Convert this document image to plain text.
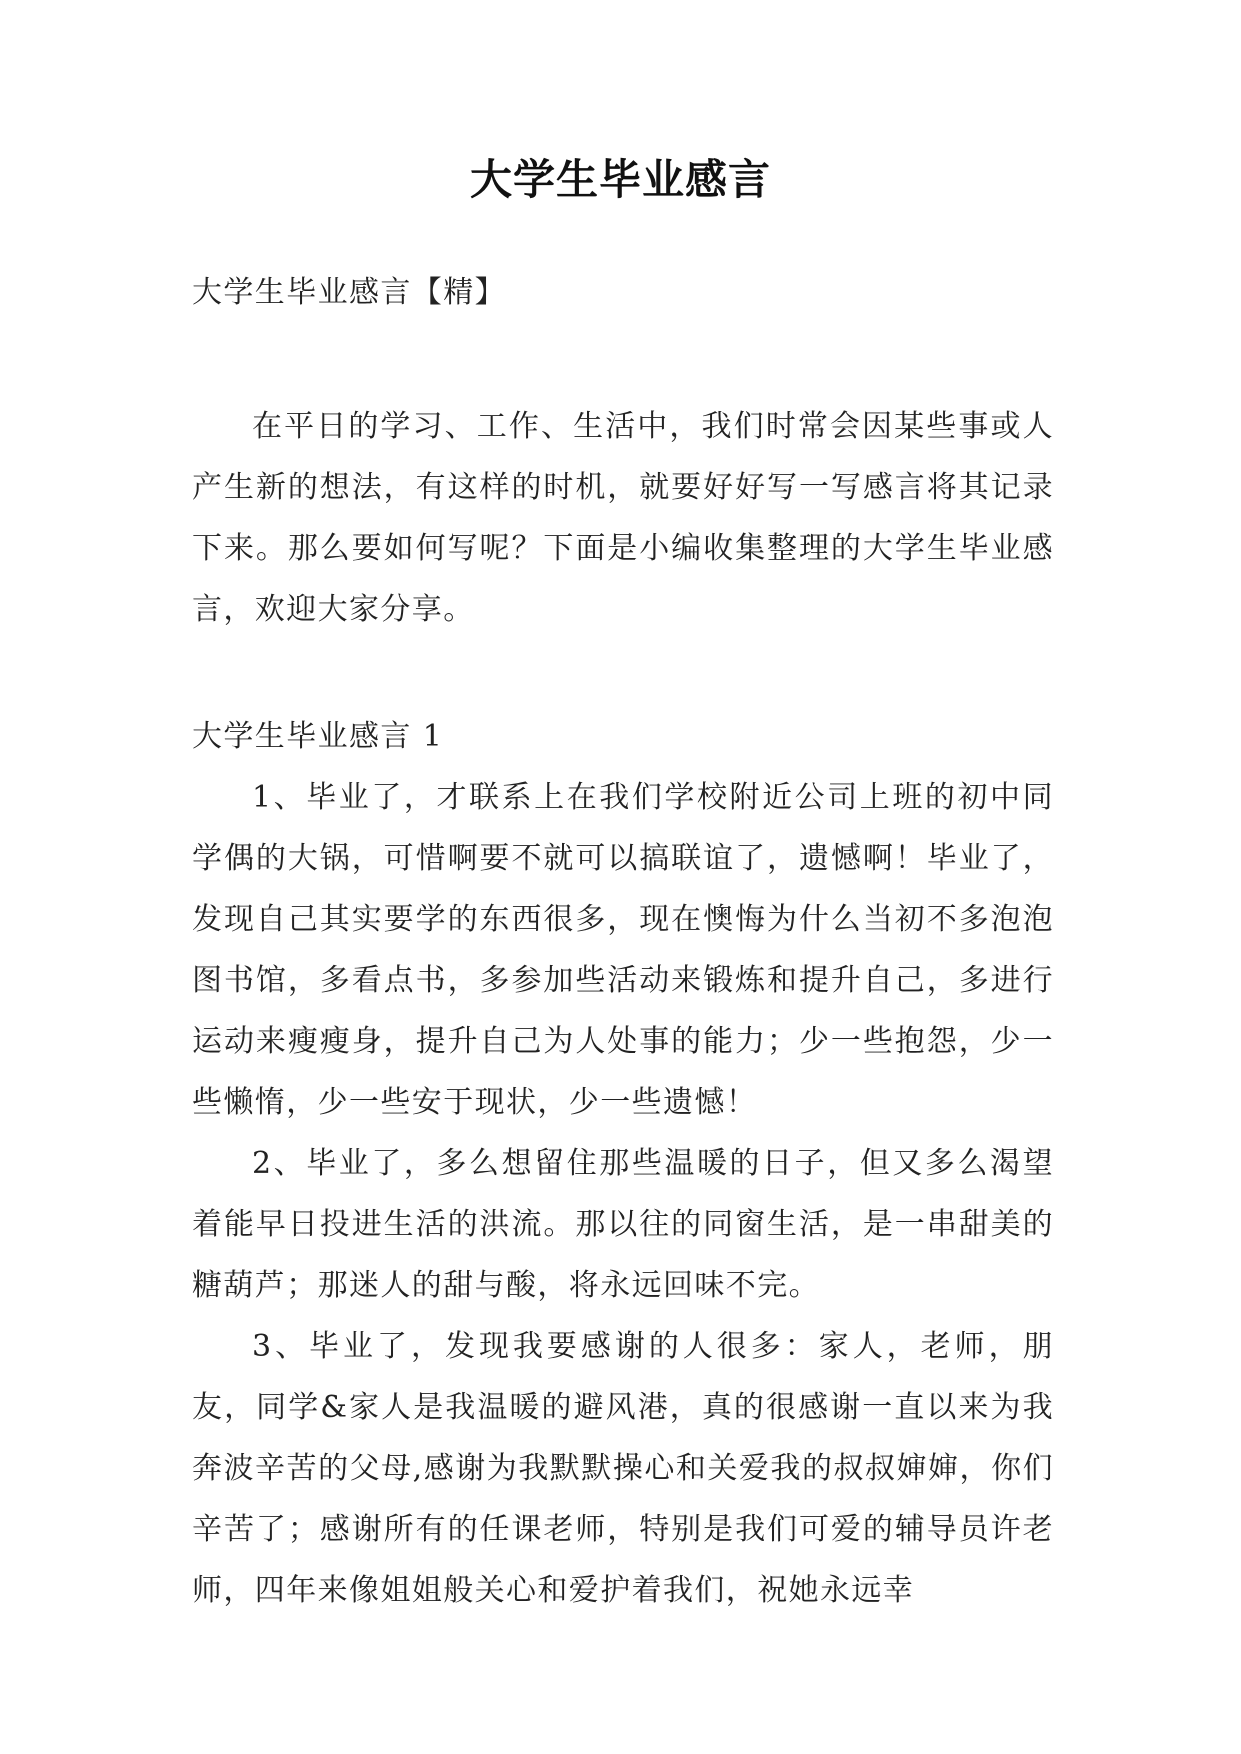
大学生毕业感言

大学生毕业感言【精】

在平日的学习、工作、生活中，我们时常会因某些事或人产生新的想法，有这样的时机，就要好好写一写感言将其记录下来。那么要如何写呢？下面是小编收集整理的大学生毕业感言，欢迎大家分享。

大学生毕业感言 1

1、毕业了，才联系上在我们学校附近公司上班的初中同学偶的大锅，可惜啊要不就可以搞联谊了，遗憾啊！毕业了，发现自己其实要学的东西很多，现在懊悔为什么当初不多泡泡图书馆，多看点书，多参加些活动来锻炼和提升自己，多进行运动来瘦瘦身，提升自己为人处事的能力；少一些抱怨，少一些懒惰，少一些安于现状，少一些遗憾！

2、毕业了，多么想留住那些温暖的日子，但又多么渴望着能早日投进生活的洪流。那以往的同窗生活，是一串甜美的糖葫芦；那迷人的甜与酸，将永远回味不完。

3、毕业了，发现我要感谢的人很多：家人，老师，朋友，同学&家人是我温暖的避风港，真的很感谢一直以来为我奔波辛苦的父母,感谢为我默默操心和关爱我的叔叔婶婶，你们辛苦了；感谢所有的任课老师，特别是我们可爱的辅导员许老师，四年来像姐姐般关心和爱护着我们，祝她永远幸
